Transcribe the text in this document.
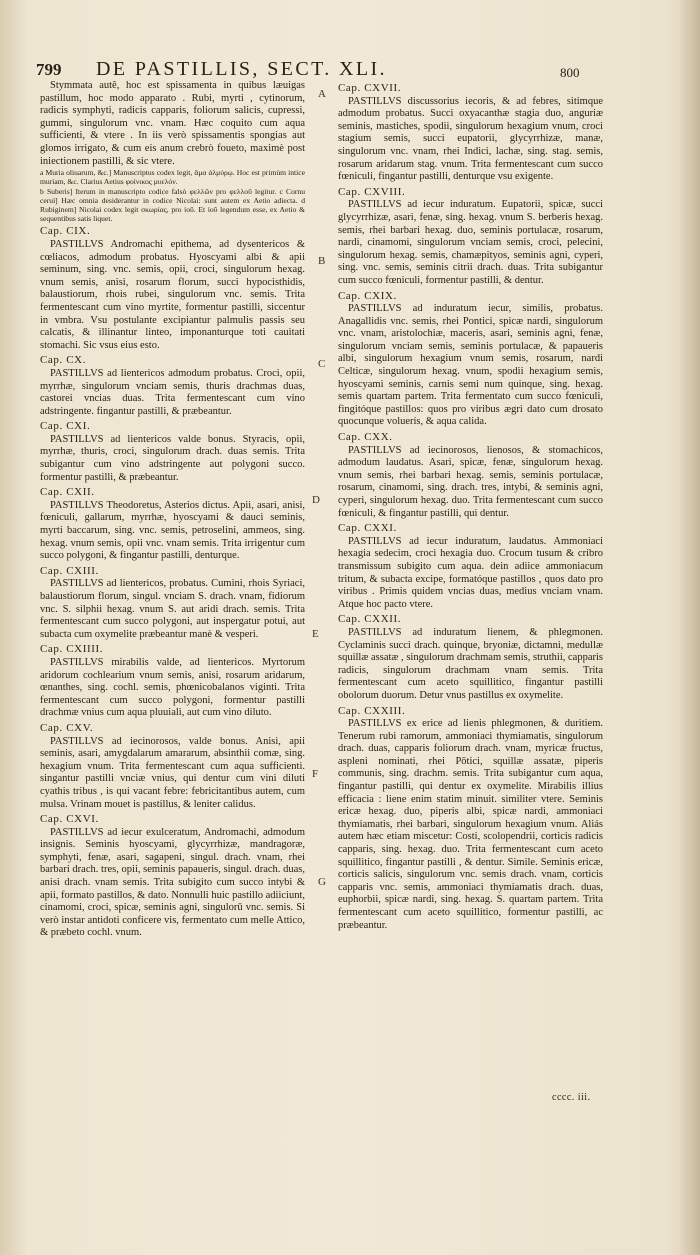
799 DE PASTILLIS, SECT. XLI.	800

Stymmata autē, hoc est spissamenta in quibus læuigas pastillum, hoc modo apparato . Rubi, myrti , cytinorum, radicis symphyti, radicis capparis, foliorum salicis, cupressi, gummi, singulorum vnc. vnam. Hæc coquito cum aqua sufficienti, & vtere . In iis verò spissamentis spongias aut glomos irrigato, & cum eis anum crebrò foueto, maximè post iniectionem pastilli, & sic vtere.

a Muria oliuarum, &c.] Manuscriptus codex legit, ἅμα ἁλμύρῳ. Hoc est primùm intice muriam, &c. Clarius Aetius φοίνικος μυελόν.

b Suberis] Iterum in manuscripto codice falsò φελλῶν pro φελλοῦ legitur. c Cornu ceruì] Hæc omnia desiderantur in codice Nicolai: sunt autem ex Aetio adiecta. d Rubiginem] Nicolai codex legit σκωρίας, pro ἰοῦ. Et ἰοῦ legendum esse, ex Aetio & sequentibus satis liquet.

Cap. CIX.

PASTILLVS Andromachi epithema, ad dysentericos & cœliacos, admodum probatus. Hyoscyami albi & apii seminum, sing. vnc. semis, opii, croci, singulorum hexag. vnum semis, anisi, rosarum florum, succi hypocisthidis, balaustiorum, rhois rubei, singulorum vnc. semis. Trita fermentescant cum vino myrtite, formentur pastilli, siccentur in vmbra. Vsu postulante excipiantur palmulis passis seu calcatis, & illinantur linteo, imponanturque toti cauitati stomachi. Sic vsus eius esto.

Cap. CX.

PASTILLVS ad lientericos admodum probatus. Croci, opii, myrrhæ, singulorum vnciam semis, thuris drachmas duas, castorei vncias duas. Trita fermentescant cum vino adstringente. fingantur pastilli, & præbeantur.

Cap. CXI.

PASTILLVS ad lientericos valde bonus. Styracis, opii, myrrhæ, thuris, croci, singulorum drach. duas semis. Trita subigantur cum vino adstringente aut polygoni succo. formentur pastilli, & præbeantur.

Cap. CXII.

PASTILLVS Theodoretus, Asterios dictus. Apii, asari, anisi, fœniculi, gallarum, myrrhæ, hyoscyami & dauci seminis, myrti baccarum, sing. vnc. semis, petroselini, ammeos, sing. hexag. vnum semis, opii vnc. vnam semis. Trita irrigentur cum succo polygoni, & fingantur pastilli, denturque.

Cap. CXIII.

PASTILLVS ad lientericos, probatus. Cumini, rhois Syriaci, balaustiorum florum, singul. vnciam S. drach. vnam, fidiorum vnc. S. silphii hexag. vnum S. aut aridi drach. semis. Trita fermentescant cum succo polygoni, aut inspergatur potui, aut subacta cum oxymelite præbeantur manè & vesperi.

Cap. CXIIII.

PASTILLVS mirabilis valde, ad lientericos. Myrtorum aridorum cochlearium vnum semis, anisi, rosarum aridarum, œnanthes, sing. cochl. semis, phœnicobalanos viginti. Trita fermentescant cum succo polygoni, formentur pastilli drachmæ vnius cum aqua pluuiali, aut cum vino diluto.

Cap. CXV.

PASTILLVS ad iecinorosos, valde bonus. Anisi, apii seminis, asari, amygdalarum amararum, absinthii comæ, sing. hexagium vnum. Trita fermentescant cum aqua sufficienti. singantur pastilli vnciæ vnius, qui dentur cum vini diluti cyathis tribus , is qui vacant febre: febricitantibus autem, cum mulsa. Vrinam mouet is pastillus, & leniter calidus.

Cap. CXVI.

PASTILLVS ad iecur exulceratum, Andromachi, admodum insignis. Seminis hyoscyami, glycyrrhizæ, mandragoræ, symphyti, fenæ, asari, sagapeni, singul. drach. vnam, rhei barbari drach. tres, opii, seminis papaueris, singul. drach. duas, anisi drach. vnam semis. Trita subigito cum succo intybi & apii, formato pastillos, & dato. Nonnulli huic pastillo adiiciunt, cinamomi, croci, spicæ, seminis agni, singulorū vnc. semis. Si verò instar antidoti conficere vis, fermentato cum melle Attico, & præbeto cochl. vnum.

Cap. CXVII.

PASTILLVS discussorius iecoris, & ad febres, sitimque admodum probatus. Succi oxyacanthæ stagia duo, anguriæ seminis, mastiches, spodii, singulorum hexagium vnum, croci stagium semis, succi eupatorii, glycyrrhizæ, manæ, singulorum vnc. vnam, rhei Indici, lachæ, sing. stag. semis, rosarum aridarum stag. vnum. Trita fermentescant cum succo fœniculi, fingantur pastilli, denturque vsu exigente.

Cap. CXVIII.

PASTILLVS ad iecur induratum. Eupatorii, spicæ, succi glycyrrhizæ, asari, fenæ, sing. hexag. vnum S. berberis hexag. semis, rhei barbari hexag. duo, seminis portulacæ, rosarum, nardi, cinamomi, singulorum vnciam semis, croci, pelecini, singulorum hexag. semis, chamæpityos, seminis agni, cyperi, sing. vnc. semis, seminis citrii drach. duas. Trita subigantur cum succo fœniculi, formentur pastilli, & dentur.

Cap. CXIX.

PASTILLVS ad induratum iecur, similis, probatus. Anagallidis vnc. semis, rhei Pontici, spicæ nardi, singulorum vnc. vnam, aristolochiæ, maceris, asari, seminis agni, fenæ, singulorum vnciam semis, seminis portulacæ, & papaueris albi, singulorum hexagium vnum semis, rosarum, nardi Celticæ, singulorum hexag. vnum, spodii hexagium semis, hyoscyami seminis, carnis semi num quinque, sing. hexag. semis quartam partem. Trita fermentato cum succo fœniculi, fingitóque pastillos: quos pro viribus ægri dato cum drosato quocunque voluerís, & aqua calida.

Cap. CXX.

PASTILLVS ad iecinorosos, lienosos, & stomachicos, admodum laudatus. Asari, spicæ, fenæ, singulorum hexag. vnum semis, rhei barbari hexag. semis, seminis portulacæ, rosarum, cinamomi, sing. drach. tres, intybi, & seminis agni, cyperi, singulorum hexag. duo. Trita fermentescant cum succo fœniculi, & fingantur pastilli, qui dentur.

Cap. CXXI.

PASTILLVS ad iecur induratum, laudatus. Ammoniaci hexagia sedecim, croci hexagia duo. Crocum tusum & cribro transmissum subigito cum aqua. dein adiice ammoniacum tritum, & subacta excipe, formatóque pastillos , quos dato pro viribus . Primis quidem vncias duas, medius vnciam vnam. Atque hoc pacto vtere.

Cap. CXXII.

PASTILLVS ad induratum lienem, & phlegmonen. Cyclaminis succi drach. quinque, bryoniæ, dictamni, medullæ squillæ assatæ , singulorum drachmam semis, struthii, capparis radicis, singulorum drachmam vnam semis. Trita fermentescant cum aceto squillitico, fingantur pastilli obolorum duorum. Detur vnus pastillus ex oxymelite.

Cap. CXXIII.

PASTILLVS ex erice ad lienis phlegmonen, & duritiem. Tenerum rubi ramorum, ammoniaci thymiamatis, singulorum drach. duas, capparis foliorum drach. vnam, myricæ fructus, aspleni nominati, rhei Pōtici, squillæ assatæ, piperis communis, sing. drachm. semis. Trita subigantur cum aqua, fingantur pastilli, qui dentur ex oxymelite. Mirabilis illius efficacia : liene enim statim minuit. similiter vtere. Seminis ericæ hexag. duo, piperis albi, spicæ nardi, ammoniaci thymiamatis, rhei barbari, singulorum hexagium vnum. Aliás autem hæc etiam miscetur: Costi, scolopendrii, corticis radicis capparis, sing. hexag. duo. Trita fermentescant cum aceto squillitico, fingantur pastilli , & dentur. Simile. Seminis ericæ, corticis salicis, singulorum vnc. semis drach. vnam, corticis capparis vnc. semis, ammoniaci thymiamatis drach. duas, euphorbii, spicæ nardi, sing. hexag. S. quartam partem. Trita fermentescant cum aceto squillitico, formentur pastilli, ac præbeantur.

A
B
C
D
E
F
G
cccc. iii.
